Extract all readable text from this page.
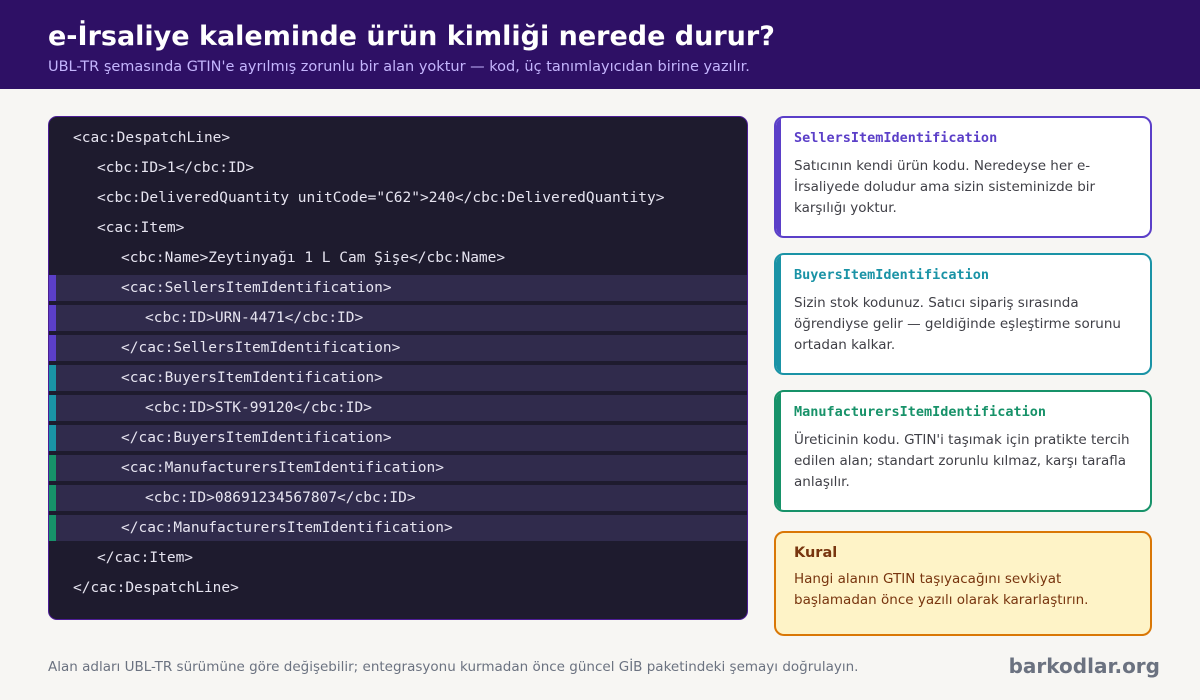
e-İrsaliye kaleminde ürün kimliği nerede durur?
UBL-TR şemasında GTIN'e ayrılmış zorunlu bir alan yoktur — kod, üç tanımlayıcıdan birine yazılır.
<cac:DespatchLine>
<cbc:ID>1</cbc:ID>
<cbc:DeliveredQuantity unitCode="C62">240</cbc:DeliveredQuantity>
<cac:Item>
<cbc:Name>Zeytinyağı 1 L Cam Şişe</cbc:Name>
<cac:SellersItemIdentification>
<cbc:ID>URN-4471</cbc:ID>
</cac:SellersItemIdentification>
<cac:BuyersItemIdentification>
<cbc:ID>STK-99120</cbc:ID>
</cac:BuyersItemIdentification>
<cac:ManufacturersItemIdentification>
<cbc:ID>08691234567807</cbc:ID>
</cac:ManufacturersItemIdentification>
</cac:Item>
</cac:DespatchLine>
SellersItemIdentification
Satıcının kendi ürün kodu. Neredeyse her e-İrsaliyede doludur ama sizin sisteminizde bir karşılığı yoktur.
BuyersItemIdentification
Sizin stok kodunuz. Satıcı sipariş sırasında öğrendiyse gelir — geldiğinde eşleştirme sorunu ortadan kalkar.
ManufacturersItemIdentification
Üreticinin kodu. GTIN'i taşımak için pratikte tercih edilen alan; standart zorunlu kılmaz, karşı tarafla anlaşılır.
Kural
Hangi alanın GTIN taşıyacağını sevkiyat başlamadan önce yazılı olarak kararlaştırın.
Alan adları UBL-TR sürümüne göre değişebilir; entegrasyonu kurmadan önce güncel GİB paketindeki şemayı doğrulayın.	barkodlar.org
